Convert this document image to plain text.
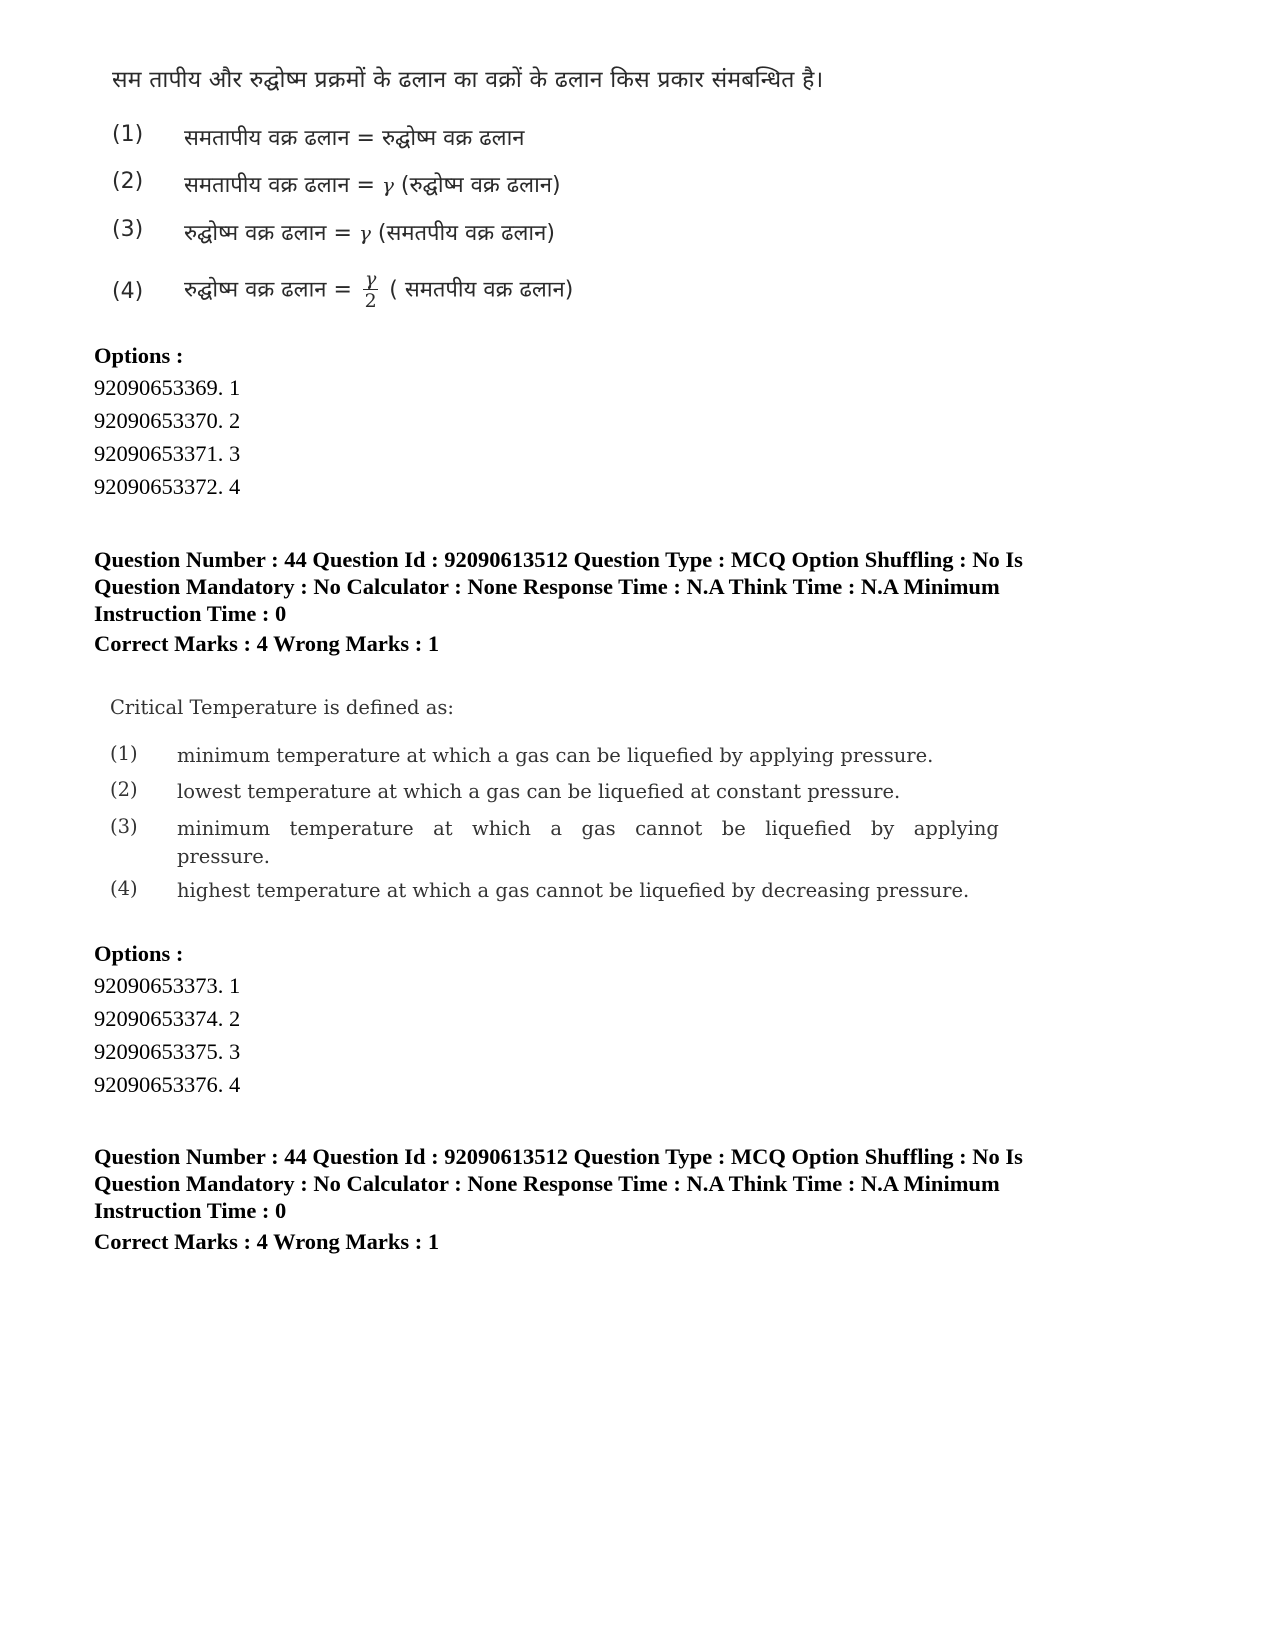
सम तापीय और रुद्घोष्म प्रक्रमों के ढलान का वक्रों के ढलान किस प्रकार संमबन्धित है।
(1)	समतापीय वक्र ढलान = रुद्घोष्म वक्र ढलान
(2)	समतापीय वक्र ढलान = γ (रुद्घोष्म वक्र ढलान)
(3)	रुद्घोष्म वक्र ढलान = γ (समतपीय वक्र ढलान)
(4)	रुद्घोष्म वक्र ढलान = $\frac{\gamma}{2}$ ( समतपीय वक्र ढलान)
Options :
92090653369. 1
92090653370. 2
92090653371. 3
92090653372. 4
Question Number : 44 Question Id : 92090613512 Question Type : MCQ Option Shuffling : No Is
Question Mandatory : No Calculator : None Response Time : N.A Think Time : N.A Minimum
Instruction Time : 0
Correct Marks : 4 Wrong Marks : 1
Critical Temperature is defined as:
(1) minimum temperature at which a gas can be liquefied by applying pressure.
(2) lowest temperature at which a gas can be liquefied at constant pressure.
(3) minimum temperature at which a gas cannot be liquefied by applying
pressure.
(4) highest temperature at which a gas cannot be liquefied by decreasing pressure.
Options :
92090653373. 1
92090653374. 2
92090653375. 3
92090653376. 4
Question Number : 44 Question Id : 92090613512 Question Type : MCQ Option Shuffling : No Is
Question Mandatory : No Calculator : None Response Time : N.A Think Time : N.A Minimum
Instruction Time : 0
Correct Marks : 4 Wrong Marks : 1
